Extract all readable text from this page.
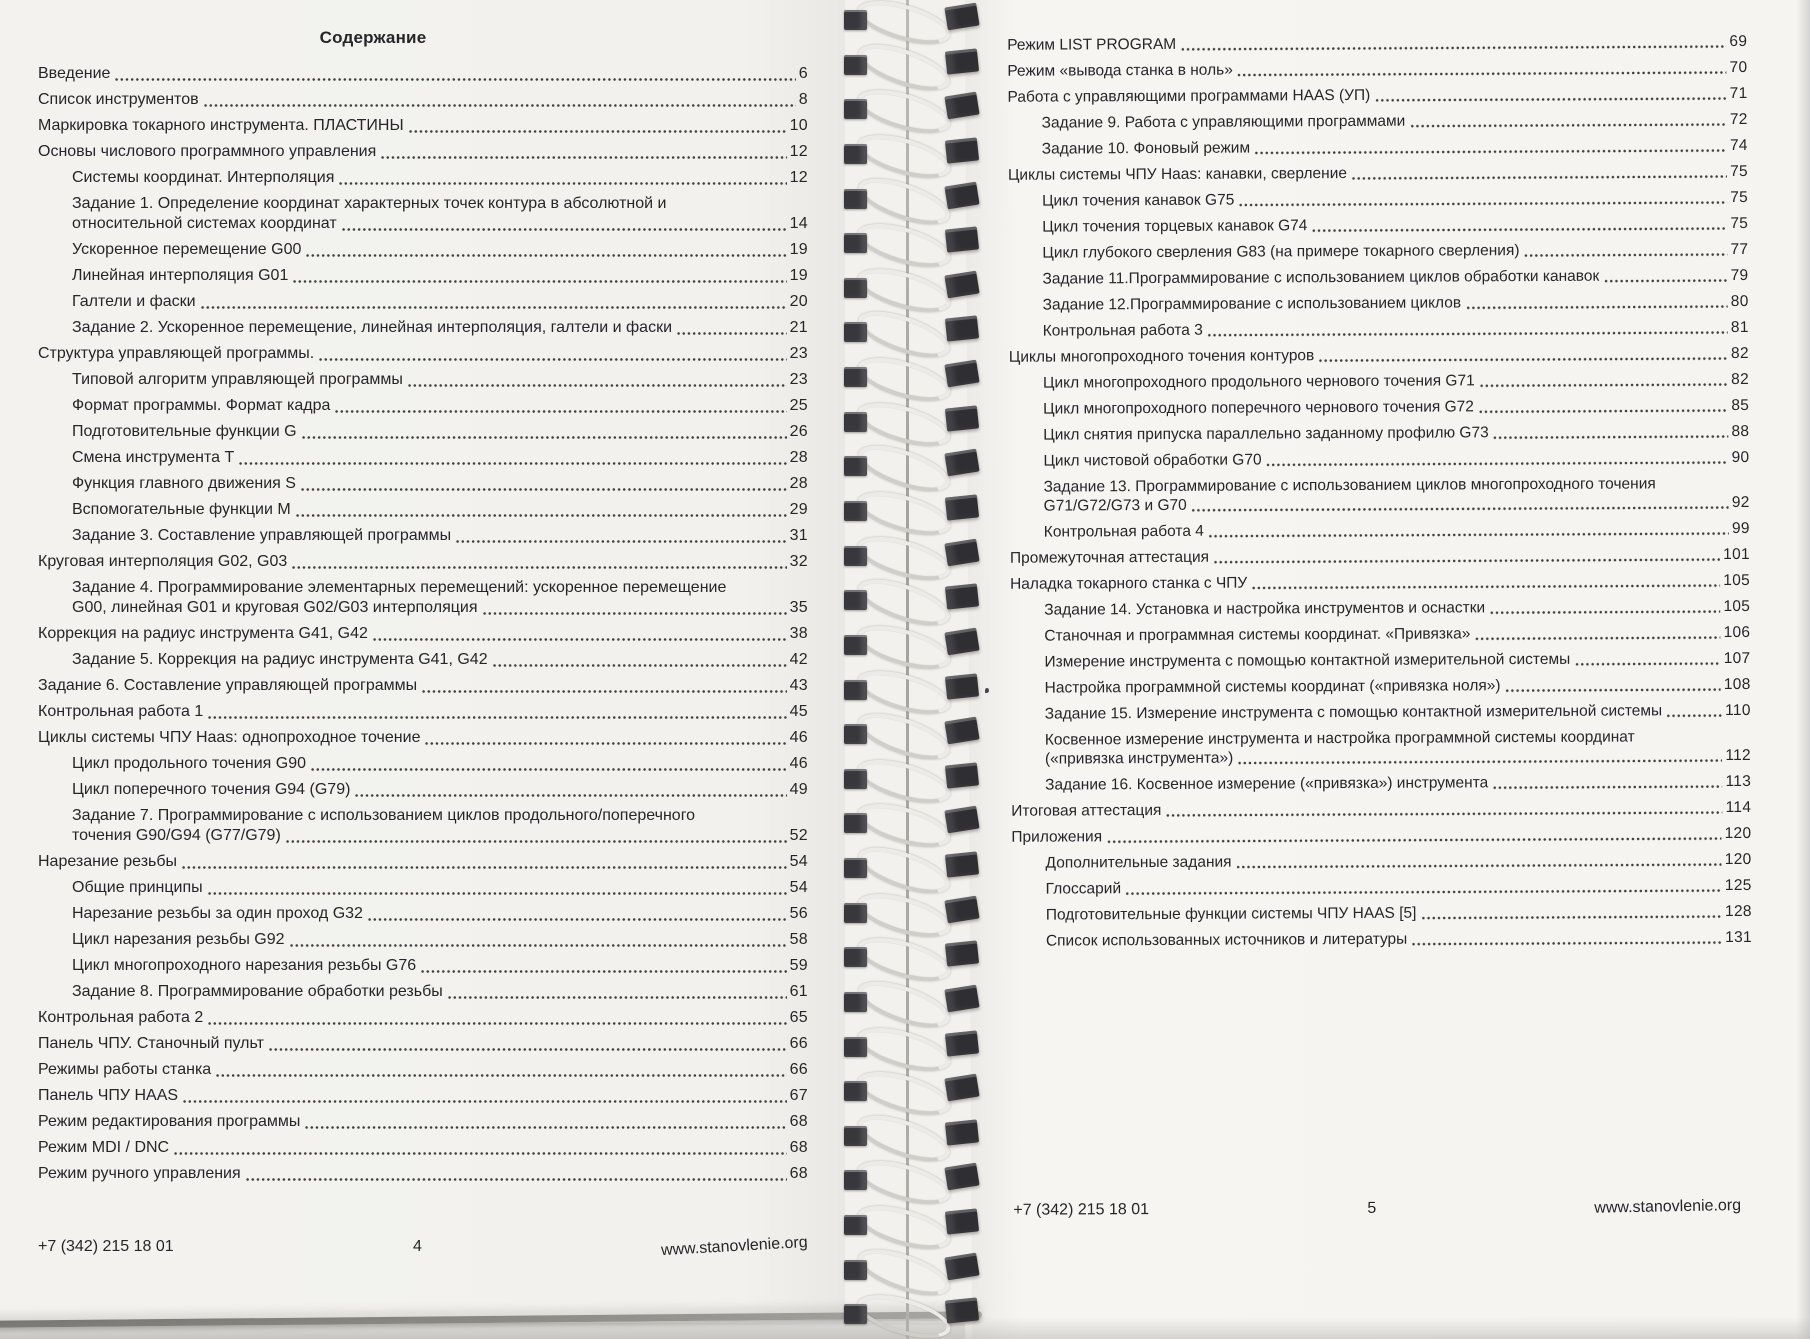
Содержание
Введение	6
Список инструментов	8
Маркировка токарного инструмента. ПЛАСТИНЫ	10
Основы числового программного управления	12
Системы координат. Интерполяция	12
Задание 1. Определение координат характерных точек контура в абсолютной и
относительной системах координат	14
Ускоренное перемещение G00	19
Линейная интерполяция G01	19
Галтели и фаски	20
Задание 2. Ускоренное перемещение, линейная интерполяция, галтели и фаски	21
Структура управляющей программы.	23
Типовой алгоритм управляющей программы	23
Формат программы. Формат кадра	25
Подготовительные функции G	26
Смена инструмента Т	28
Функция главного движения S	28
Вспомогательные функции М	29
Задание 3. Составление управляющей программы	31
Круговая интерполяция G02, G03	32
Задание 4. Программирование элементарных перемещений: ускоренное перемещение
G00, линейная G01 и круговая G02/G03 интерполяция	35
Коррекция на радиус инструмента G41, G42	38
Задание 5. Коррекция на радиус инструмента G41, G42	42
Задание 6. Составление управляющей программы	43
Контрольная работа 1	45
Циклы системы ЧПУ Haas: однопроходное точение	46
Цикл продольного точения G90	46
Цикл поперечного точения G94 (G79)	49
Задание 7. Программирование с использованием циклов продольного/поперечного
точения G90/G94 (G77/G79)	52
Нарезание резьбы	54
Общие принципы	54
Нарезание резьбы за один проход G32	56
Цикл нарезания резьбы G92	58
Цикл многопроходного нарезания резьбы G76	59
Задание 8. Программирование обработки резьбы	61
Контрольная работа 2	65
Панель ЧПУ. Станочный пульт	66
Режимы работы станка	66
Панель ЧПУ HAAS	67
Режим редактирования программы	68
Режим MDI / DNC	68
Режим ручного управления	68
+7 (342) 215 18 01	4	www.stanovlenie.org
Режим LIST PROGRAM	69
Режим «вывода станка в ноль»	70
Работа с управляющими программами HAAS (УП)	71
Задание 9. Работа с управляющими программами	72
Задание 10. Фоновый режим	74
Циклы системы ЧПУ Haas: канавки, сверление	75
Цикл точения канавок G75	75
Цикл точения торцевых канавок G74	75
Цикл глубокого сверления G83 (на примере токарного сверления)	77
Задание 11.Программирование с использованием циклов обработки канавок	79
Задание 12.Программирование с использованием циклов	80
Контрольная работа 3	81
Циклы многопроходного точения контуров	82
Цикл многопроходного продольного чернового точения G71	82
Цикл многопроходного поперечного чернового точения G72	85
Цикл снятия припуска параллельно заданному профилю G73	88
Цикл чистовой обработки G70	90
Задание 13. Программирование с использованием циклов многопроходного точения
G71/G72/G73 и G70	92
Контрольная работа 4	99
Промежуточная аттестация	101
Наладка токарного станка с ЧПУ	105
Задание 14. Установка и настройка инструментов и оснастки	105
Станочная и программная системы координат. «Привязка»	106
Измерение инструмента с помощью контактной измерительной системы	107
Настройка программной системы координат («привязка ноля»)	108
Задание 15. Измерение инструмента с помощью контактной измерительной системы	110
Косвенное измерение инструмента и настройка программной системы координат
(«привязка инструмента»)	112
Задание 16. Косвенное измерение («привязка») инструмента	113
Итоговая аттестация	114
Приложения	120
Дополнительные задания	120
Глоссарий	125
Подготовительные функции системы ЧПУ HAAS [5]	128
Список использованных источников и литературы	131
+7 (342) 215 18 01	5	www.stanovlenie.org
